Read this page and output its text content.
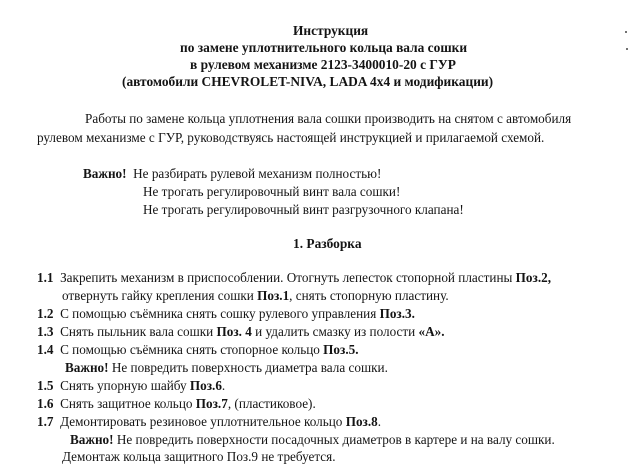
Инструкция
по замене уплотнительного кольца вала сошки
в рулевом механизме 2123-3400010-20 с ГУР
(автомобили CHEVROLET-NIVA, LADA 4x4 и модификации)
Работы по замене кольца уплотнения вала сошки производить на снятом с автомобиля
рулевом механизме с ГУР, руководствуясь настоящей инструкцией и прилагаемой схемой.
Важно! Не разбирать рулевой механизм полностью!
Не трогать регулировочный винт вала сошки!
Не трогать регулировочный винт разгрузочного клапана!
1. Разборка
1.1 Закрепить механизм в приспособлении. Отогнуть лепесток стопорной пластины Поз.2,
отвернуть гайку крепления сошки Поз.1, снять стопорную пластину.
1.2 С помощью съёмника снять сошку рулевого управления Поз.3.
1.3 Снять пыльник вала сошки Поз. 4 и удалить смазку из полости «А».
1.4 С помощью съёмника снять стопорное кольцо Поз.5.
Важно! Не повредить поверхность диаметра вала сошки.
1.5 Снять упорную шайбу Поз.6.
1.6 Снять защитное кольцо Поз.7, (пластиковое).
1.7 Демонтировать резиновое уплотнительное кольцо Поз.8.
Важно! Не повредить поверхности посадочных диаметров в картере и на валу сошки.
Демонтаж кольца защитного Поз.9 не требуется.
